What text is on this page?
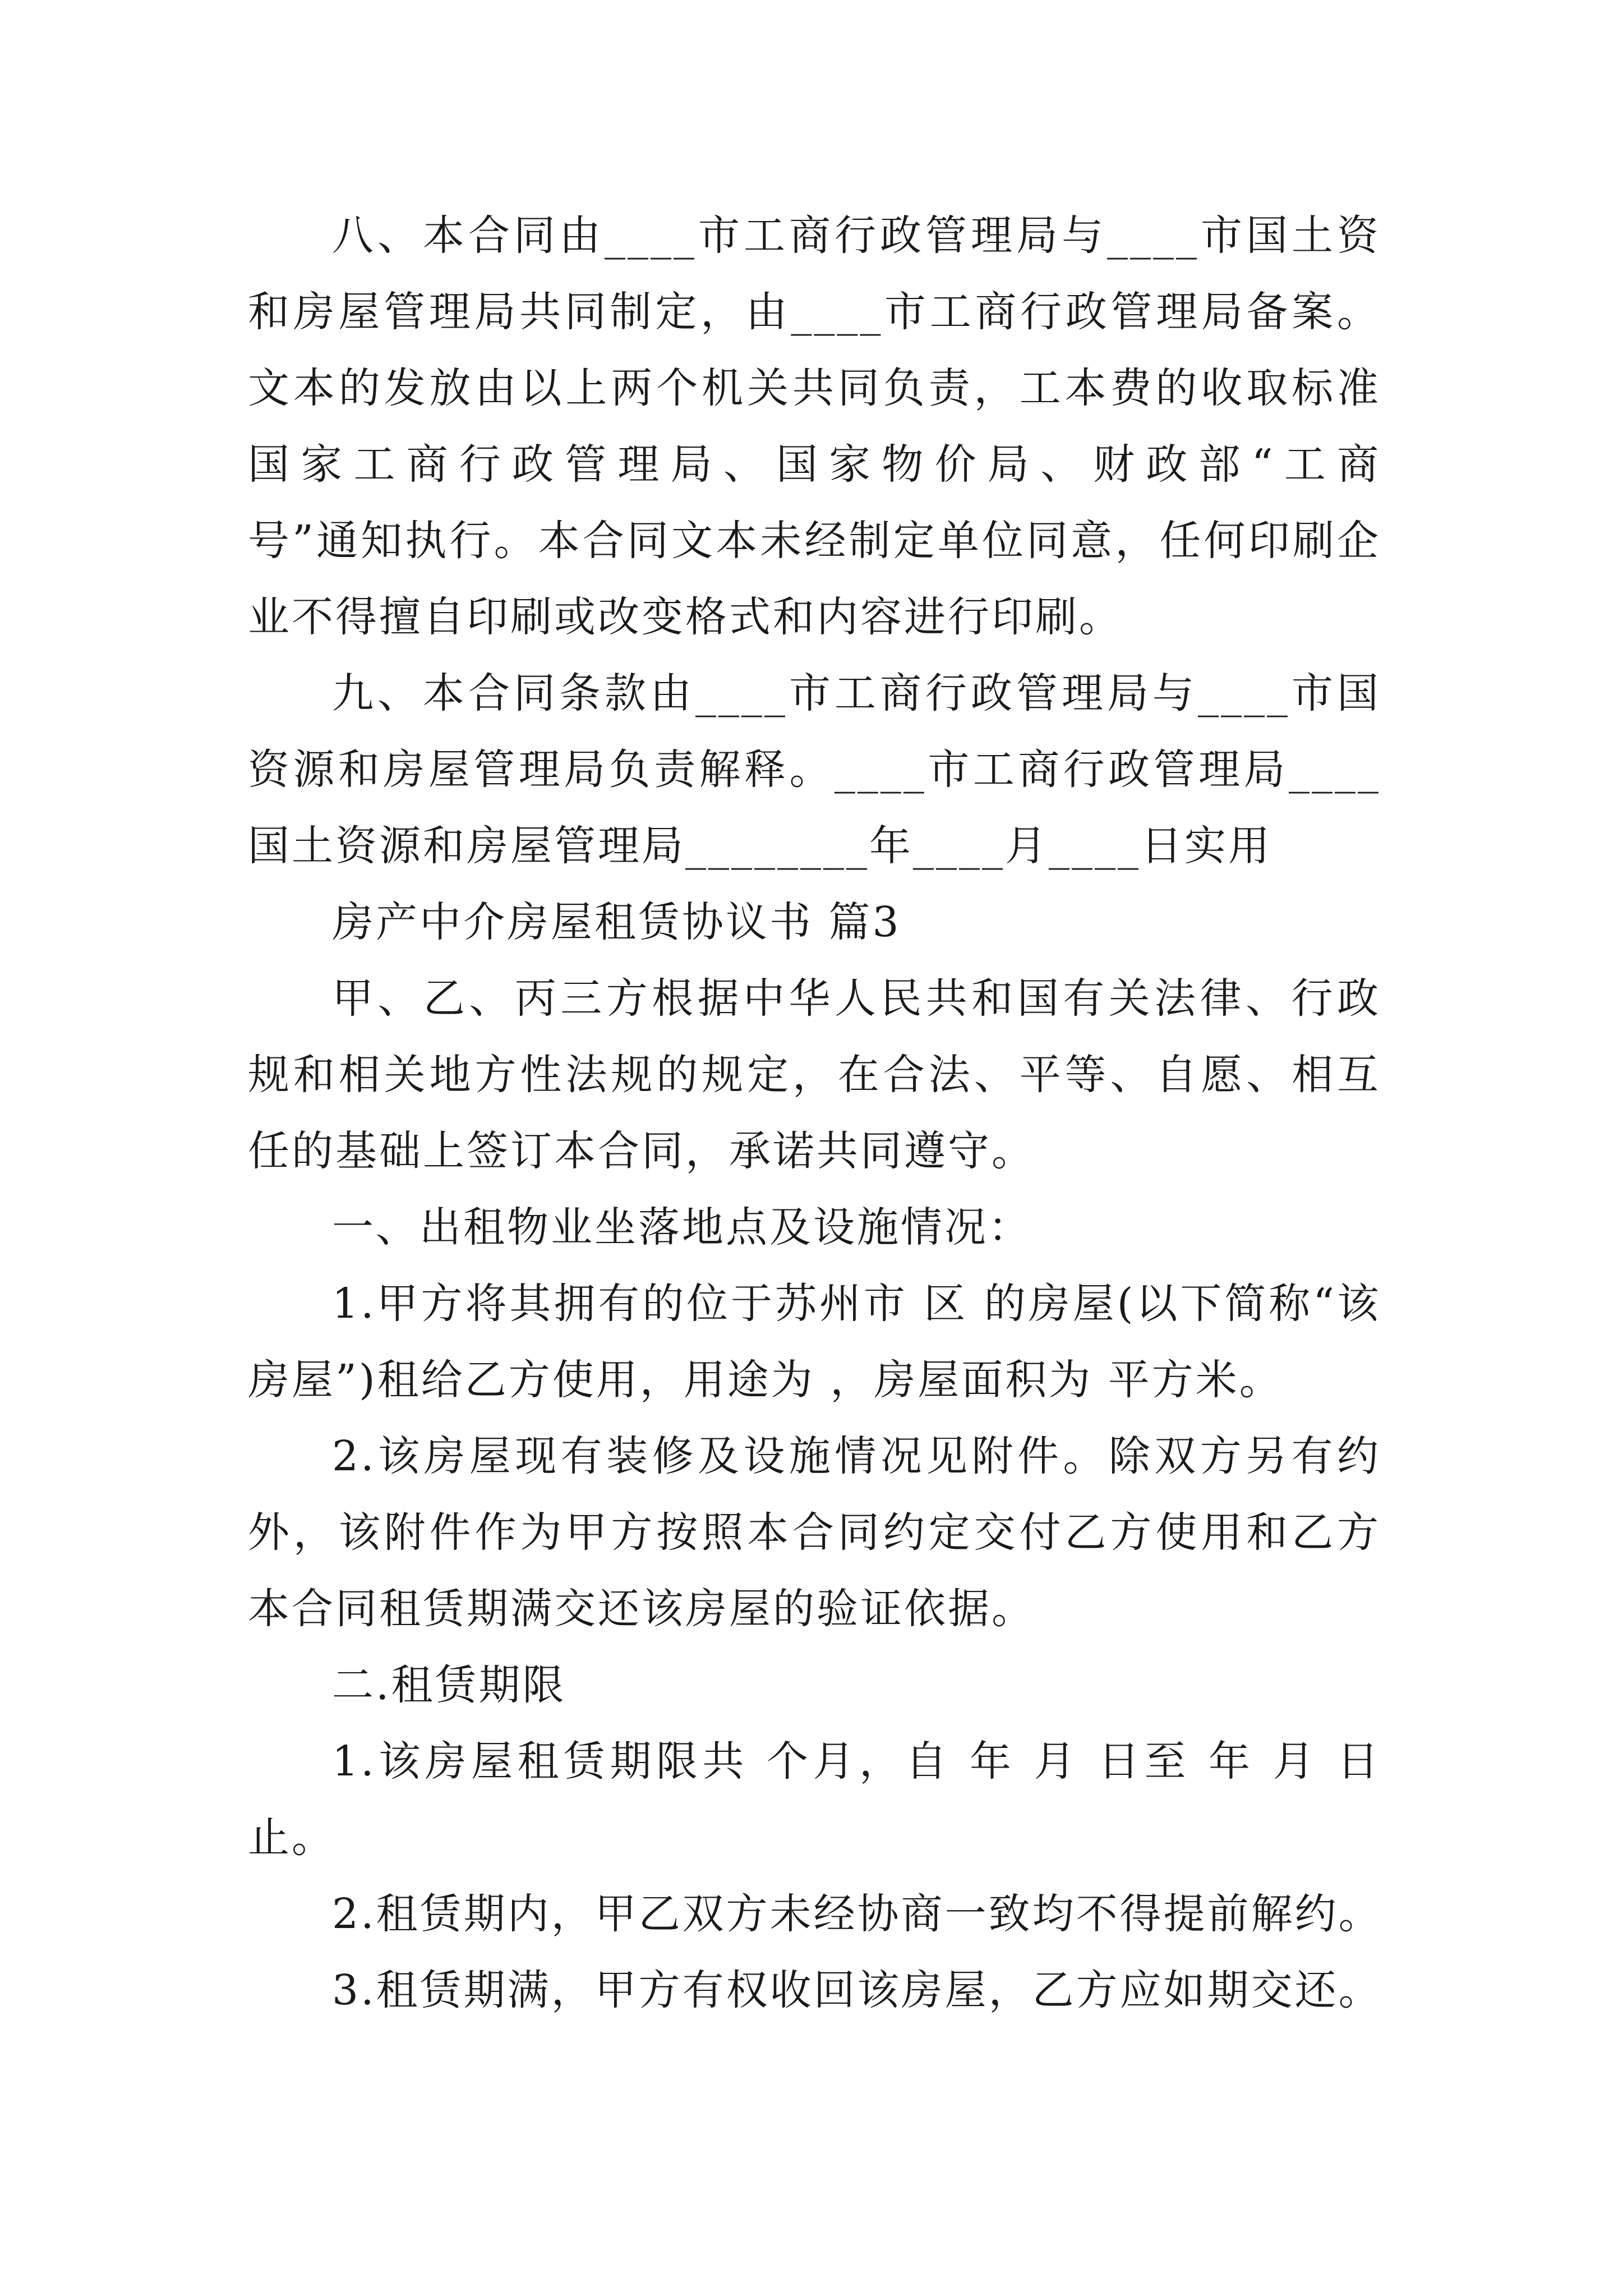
八、本合同由____市工商行政管理局与____市国土资
和房屋管理局共同制定，由____市工商行政管理局备案。
文本的发放由以上两个机关共同负责，工本费的收取标准
国家工商行政管理局、国家物价局、财政部“工商
号”通知执行。本合同文本未经制定单位同意，任何印刷企
业不得擅自印刷或改变格式和内容进行印刷。
九、本合同条款由____市工商行政管理局与____市国
资源和房屋管理局负责解释。____市工商行政管理局____
国土资源和房屋管理局________年____月____日实用
房产中介房屋租赁协议书 篇3
甲、乙、丙三方根据中华人民共和国有关法律、行政
规和相关地方性法规的规定，在合法、平等、自愿、相互
任的基础上签订本合同，承诺共同遵守。
一、出租物业坐落地点及设施情况：
1.甲方将其拥有的位于苏州市 区 的房屋(以下简称“该
房屋”)租给乙方使用，用途为 ，房屋面积为 平方米。
2.该房屋现有装修及设施情况见附件。除双方另有约
外，该附件作为甲方按照本合同约定交付乙方使用和乙方
本合同租赁期满交还该房屋的验证依据。
二.租赁期限
1.该房屋租赁期限共 个月，自 年 月 日至 年 月 日
止。
2.租赁期内，甲乙双方未经协商一致均不得提前解约。
3.租赁期满，甲方有权收回该房屋，乙方应如期交还。
